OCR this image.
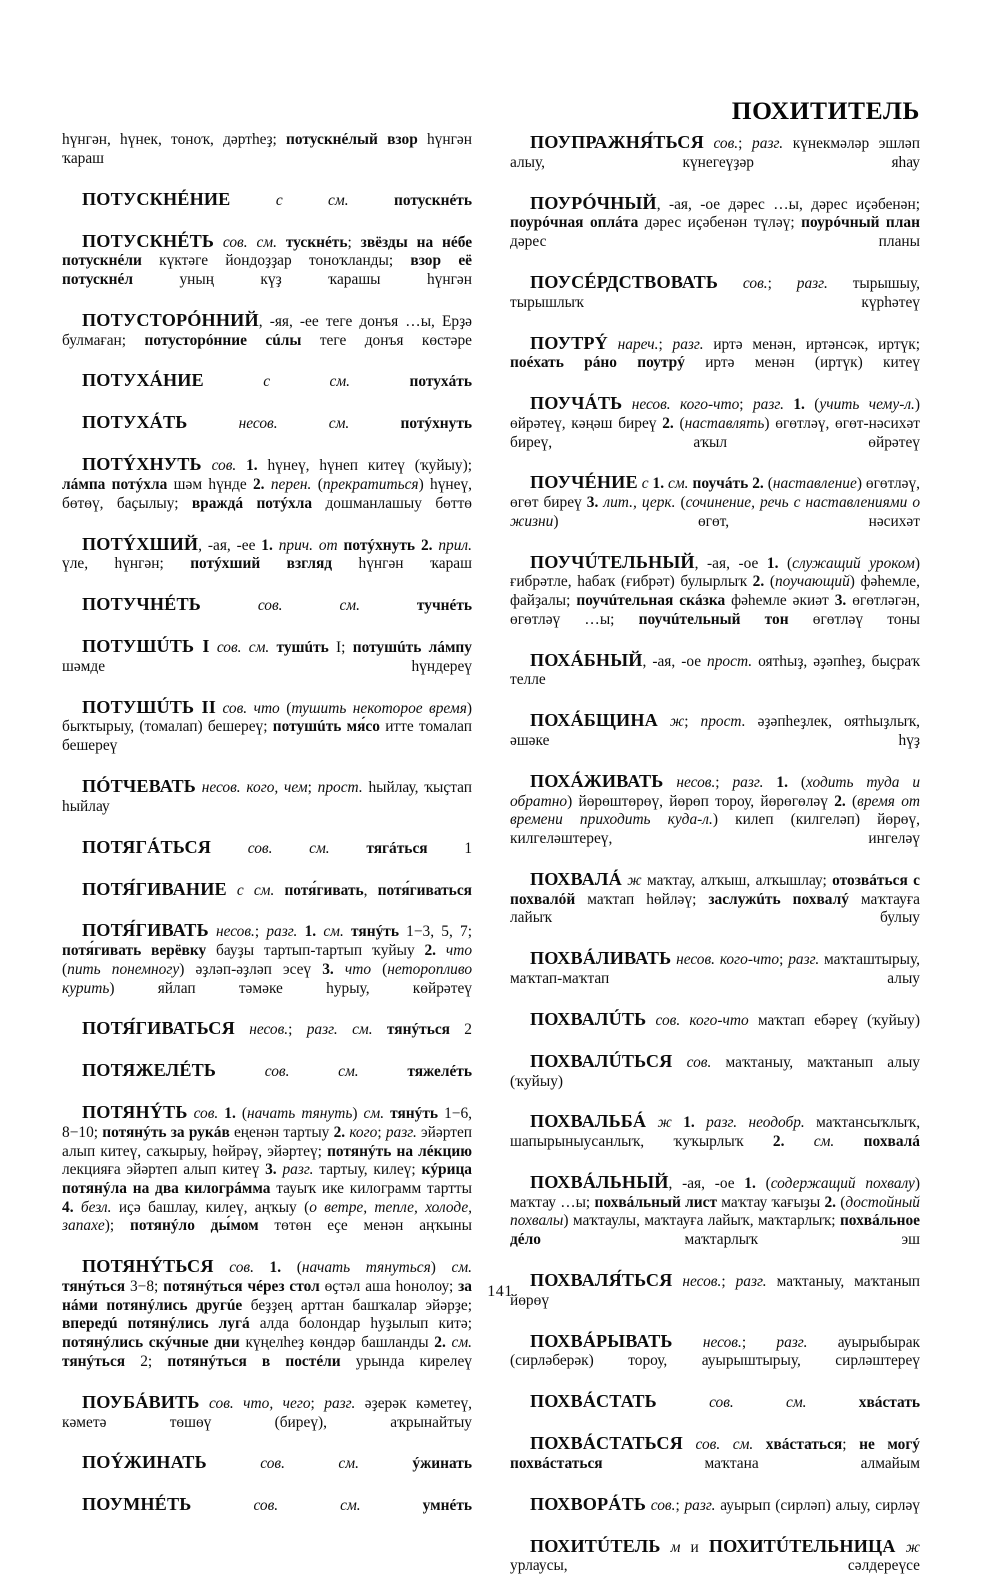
ПОХИТИТЕЛЬ

һүнгән, һүнек, тоноҡ, дәртһеҙ; потускнéлый взор һүнгән ҡараш

ПОТУСКНÉНИЕ	с см.	потускнéть

ПОТУСКНÉТЬ сов. см. тускнéть; звёзды на нéбе потускнéли күктәге йондоҙҙар тоноҡланды; взор её потускнéл уның күҙ ҡарашы һүнгән

ПОТУСТОРÓННИЙ, -яя, -ее теге донъя …ы, Ерҙә булмаған; потусторóнние сúлы теге донъя көстәре

ПОТУХÁНИЕ	с см.	потухáть

ПОТУХÁТЬ	несов. см.	потýхнуть

ПОТÝХНУТЬ сов. 1. һүнеү, һүнеп китеү (ҡуйыу); лáмпа потýхла шәм һүнде 2. перен. (прекратиться) һүнеү, бөтөү, баҫылыу; враждá потýхла дошманлашыу бөттө

ПОТÝХШИЙ, -ая, -ее 1. прич. от потýхнуть 2. прил. үле, һүнгән; потýхший взгляд һүнгән ҡараш

ПОТУЧНÉТЬ	сов. см.	тучнéть

ПОТУШÚТЬ I сов. см. тушúть I; потушúть лáмпу шәмде һүндереү

ПОТУШÚТЬ II сов. что (тушить некоторое время) быҡтырыу, (томалап) бешереү; потушúть мя́со итте томалап бешереү

ПÓТЧЕВАТЬ несов. кого, чем; прост. һыйлау, ҡыҫтап һыйлау

ПОТЯГÁТЬСЯ сов. см. тягáться 1

ПОТЯ́ГИВАНИЕ с см. потя́гивать, потя́гиваться

ПОТЯ́ГИВАТЬ несов.; разг. 1. см. тянýть 1−3, 5, 7; потя́гивать верёвку бауҙы тартып-тартып ҡуйыу 2. что (пить понемногу) әҙләп-әҙләп эсеү 3. что (неторопливо курить) яйлап тәмәке һурыу, көйрәтеү

ПОТЯ́ГИВАТЬСЯ несов.; разг. см. тянýться 2

ПОТЯЖЕЛÉТЬ	сов. см.	тяжелéть

ПОТЯНÝТЬ сов. 1. (начать тянуть) см. тянýть 1−6, 8−10; потянýть за рукáв еңенән тартыу 2. кого; разг. эйәртеп алып китеү, саҡырыу, һөйрәү, эйәртеү; потянýть на лéкцию лекцияға эйәртеп алып китеү 3. разг. тартыу, килеү; кýрица потянýла на два килогрáмма тауыҡ ике килограмм тартты 4. безл. иҫә башлау, килеү, аңҡыу (о ветре, тепле, холоде, запахе); потянýло ды́мом төтөн еҫе менән аңҡыны

ПОТЯНÝТЬСЯ сов. 1. (начать тянуться) см. тянýться 3−8; потянýться чéрез стол өҫтәл аша һонолоу; за нáми потянýлись другúе беҙҙең арттан башҡалар эйәрҙе; впередú потянýлись лугá алда болондар һуҙылып китә; потянýлись скýчные дни күңелһеҙ көндәр башланды 2. см. тянýться 2; потянýться в постéли урында кирелеү

ПОУБÁВИТЬ сов. что, чего; разг. әҙерәк кәметеү, кәметә төшөү (биреү), аҡрынайтыу

ПОÝЖИНАТЬ	сов. см.	ýжинать

ПОУМНÉТЬ	сов. см.	умнéть

ПОУПРАЖНЯ́ТЬСЯ сов.; разг. күнекмәләр эшләп алыу, күнегеүҙәр яһау

ПОУРÓЧНЫЙ, -ая, -ое дәрес …ы, дәрес иҫәбенән; поурóчная оплáта дәрес иҫәбенән түләү; поурóчный план дәрес планы

ПОУСÉРДСТВОВАТЬ сов.; разг. тырышыу, тырышлыҡ күрһәтеү

ПОУТРÝ нареч.; разг. иртә менән, иртәнсәк, иртүк; поéхать рáно поутрý иртә менән (иртүк) китеү

ПОУЧÁТЬ несов. кого-что; разг. 1. (учить чему-л.) өйрәтеү, кәңәш биреү 2. (наставлять) өгөтләү, өгөт-нәсихәт биреү, аҡыл өйрәтеү

ПОУЧÉНИЕ с 1. см. поучáть 2. (наставление) өгөтләү, өгөт биреү 3. лит., церк. (сочинение, речь с наставлениями о жизни) өгөт, нәсихәт

ПОУЧÚТЕЛЬНЫЙ, -ая, -ое 1. (служащий уроком) ғибрәтле, һабаҡ (ғибрәт) булырлыҡ 2. (поучающий) фәһемле, файҙалы; поучúтельная скáзка фәһемле әкиәт 3. өгөтләгән, өгөтләү …ы; поучúтельный тон өгөтләү тоны

ПОХÁБНЫЙ, -ая, -ое прост. оятһыҙ, әҙәпһеҙ, быҫраҡ телле

ПОХÁБЩИНА ж; прост. әҙәпһеҙлек, оятһыҙлыҡ, әшәке һүҙ

ПОХÁЖИВАТЬ несов.; разг. 1. (ходить туда и обратно) йөрөштөрөү, йөрөп тороу, йөрөгөләү 2. (время от времени приходить куда-л.) килеп (килгеләп) йөрөү, килгеләштереү, ингеләү

ПОХВАЛÁ ж маҡтау, алҡыш, алҡышлау; отозвáться с похвалóй маҡтап һөйләү; заслужúть похвалý маҡтауға лайыҡ булыу

ПОХВÁЛИВАТЬ несов. кого-что; разг. маҡташтырыу, маҡтап-маҡтап алыу

ПОХВАЛÚТЬ сов. кого-что маҡтап ебәреү (ҡуйыу)

ПОХВАЛÚТЬСЯ сов. маҡтаныу, маҡтанып алыу (ҡуйыу)

ПОХВАЛЬБÁ ж 1. разг. неодобр. маҡтансыҡлыҡ, шапырыныусанлыҡ, ҡуҡырлыҡ 2. см. похвалá

ПОХВÁЛЬНЫЙ, -ая, -ое 1. (содержащий похвалу) маҡтау …ы; похвáльный лист маҡтау ҡағыҙы 2. (достойный похвалы) маҡтаулы, маҡтауға лайыҡ, маҡтарлыҡ; похвáльное дéло маҡтарлыҡ эш

ПОХВАЛЯ́ТЬСЯ несов.; разг. маҡтаныу, маҡтанып йөрөү

ПОХВÁРЫВАТЬ несов.; разг. ауырыбырак (сирләберәк) тороу, ауырыштырыу, сирләштереү

ПОХВÁСТАТЬ	сов. см.	хвáстать

ПОХВÁСТАТЬСЯ сов. см. хвáстаться; не могý похвáстаться маҡтана алмайым

ПОХВОРÁТЬ сов.; разг. ауырып (сирләп) алыу, сирләү

ПОХИТÚТЕЛЬ м и ПОХИТÚТЕЛЬНИЦА ж урлаусы, сәлдереүсе

141
